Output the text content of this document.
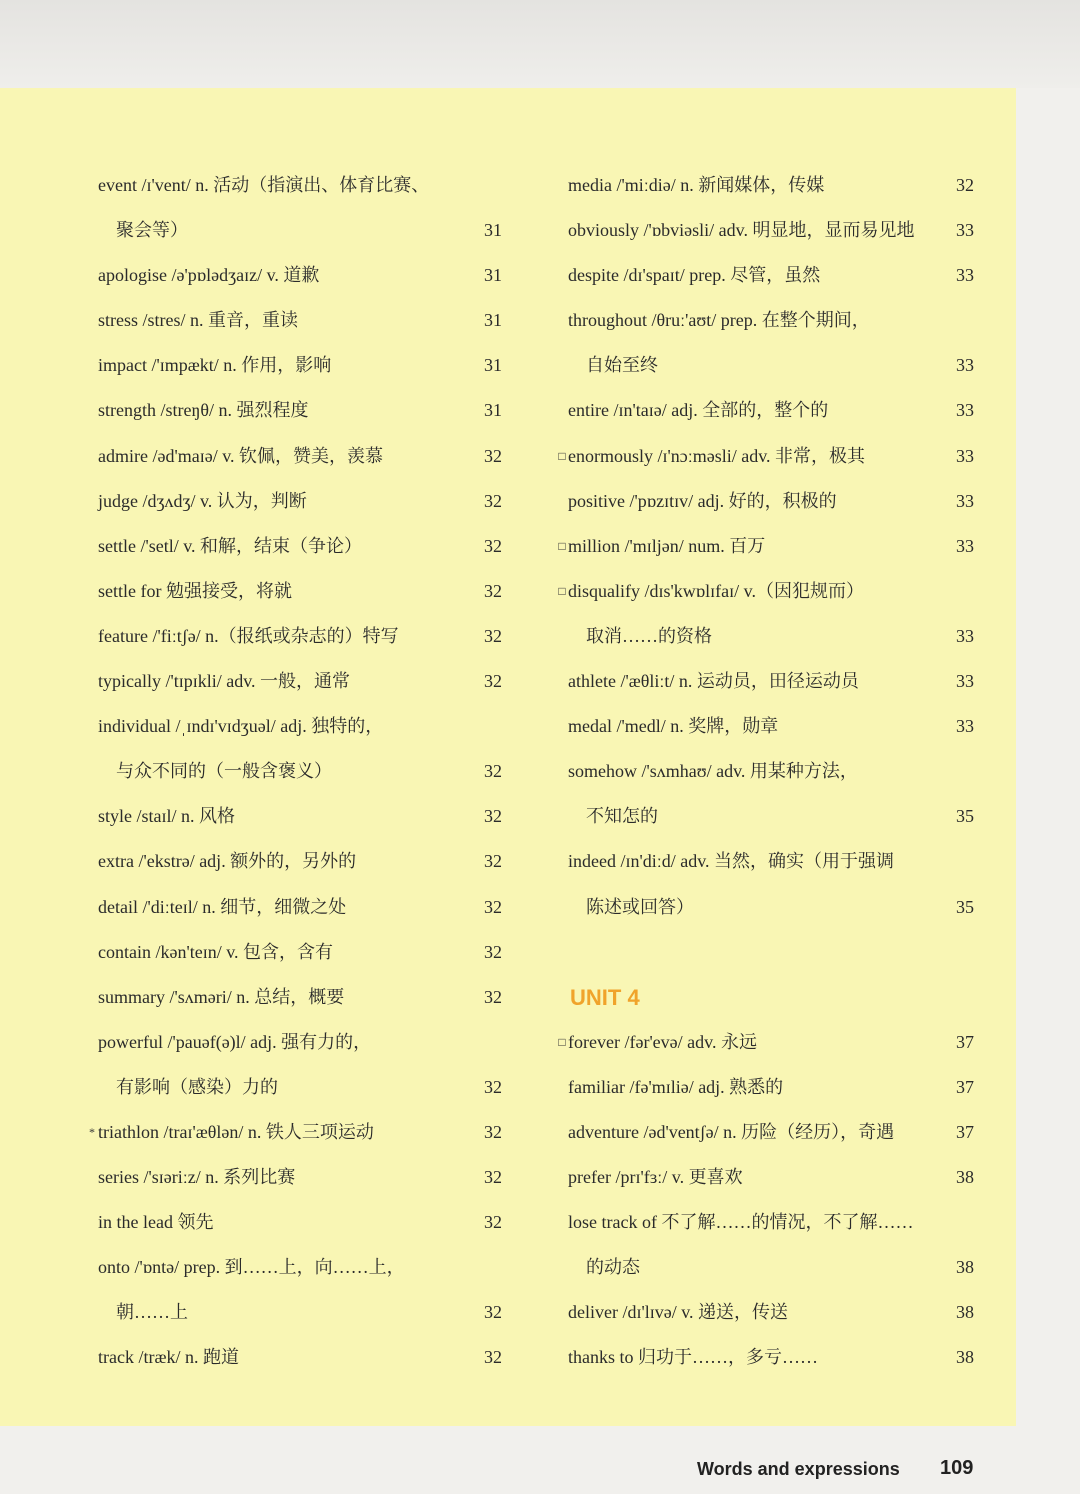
event /ɪ'vent/ n. 活动（指演出、体育比赛、
聚会等）	31
apologise /ə'pɒlədʒaɪz/ v. 道歉	31
stress /stres/ n. 重音，重读	31
impact /'ɪmpækt/ n. 作用，影响	31
strength /streŋθ/ n. 强烈程度	31
admire /əd'maɪə/ v. 钦佩，赞美，羡慕	32
judge /dʒʌdʒ/ v. 认为，判断	32
settle /'setl/ v. 和解，结束（争论）	32
settle for 勉强接受，将就	32
feature /'fiːtʃə/ n.（报纸或杂志的）特写	32
typically /'tɪpɪkli/ adv. 一般，通常	32
individual /ˌɪndɪ'vɪdʒuəl/ adj. 独特的，
与众不同的（一般含褒义）	32
style /staɪl/ n. 风格	32
extra /'ekstrə/ adj. 额外的，另外的	32
detail /'diːteɪl/ n. 细节，细微之处	32
contain /kən'teɪn/ v. 包含，含有	32
summary /'sʌməri/ n. 总结，概要	32
powerful /'pauəf(ə)l/ adj. 强有力的，
有影响（感染）力的	32
* triathlon /traɪ'æθlən/ n. 铁人三项运动	32
series /'sɪəriːz/ n. 系列比赛	32
in the lead 领先	32
onto /'ɒntə/ prep. 到……上，向……上，
朝……上	32
track /træk/ n. 跑道	32
media /'miːdiə/ n. 新闻媒体，传媒	32
obviously /'ɒbviəsli/ adv. 明显地，显而易见地 33
despite /dɪ'spaɪt/ prep. 尽管，虽然	33
throughout /θruː'aʊt/ prep. 在整个期间，
自始至终	33
entire /ɪn'taɪə/ adj. 全部的，整个的	33
□ enormously /ɪ'nɔːməsli/ adv. 非常，极其	33
positive /'pɒzɪtɪv/ adj. 好的，积极的	33
□ million /'mɪljən/ num. 百万	33
□ disqualify /dɪs'kwɒlɪfaɪ/ v.（因犯规而）
取消……的资格	33
athlete /'æθliːt/ n. 运动员，田径运动员	33
medal /'medl/ n. 奖牌，勋章	33
somehow /'sʌmhaʊ/ adv. 用某种方法，
不知怎的	35
indeed /ɪn'diːd/ adv. 当然，确实（用于强调
陈述或回答）	35
UNIT 4
□ forever /fər'evə/ adv. 永远	37
familiar /fə'mɪliə/ adj. 熟悉的	37
adventure /əd'ventʃə/ n. 历险（经历），奇遇	37
prefer /prɪ'fɜː/ v. 更喜欢	38
lose track of 不了解……的情况，不了解……
的动态	38
deliver /dɪ'lɪvə/ v. 递送，传送	38
thanks to 归功于……，多亏……	38
Words and expressions 109
